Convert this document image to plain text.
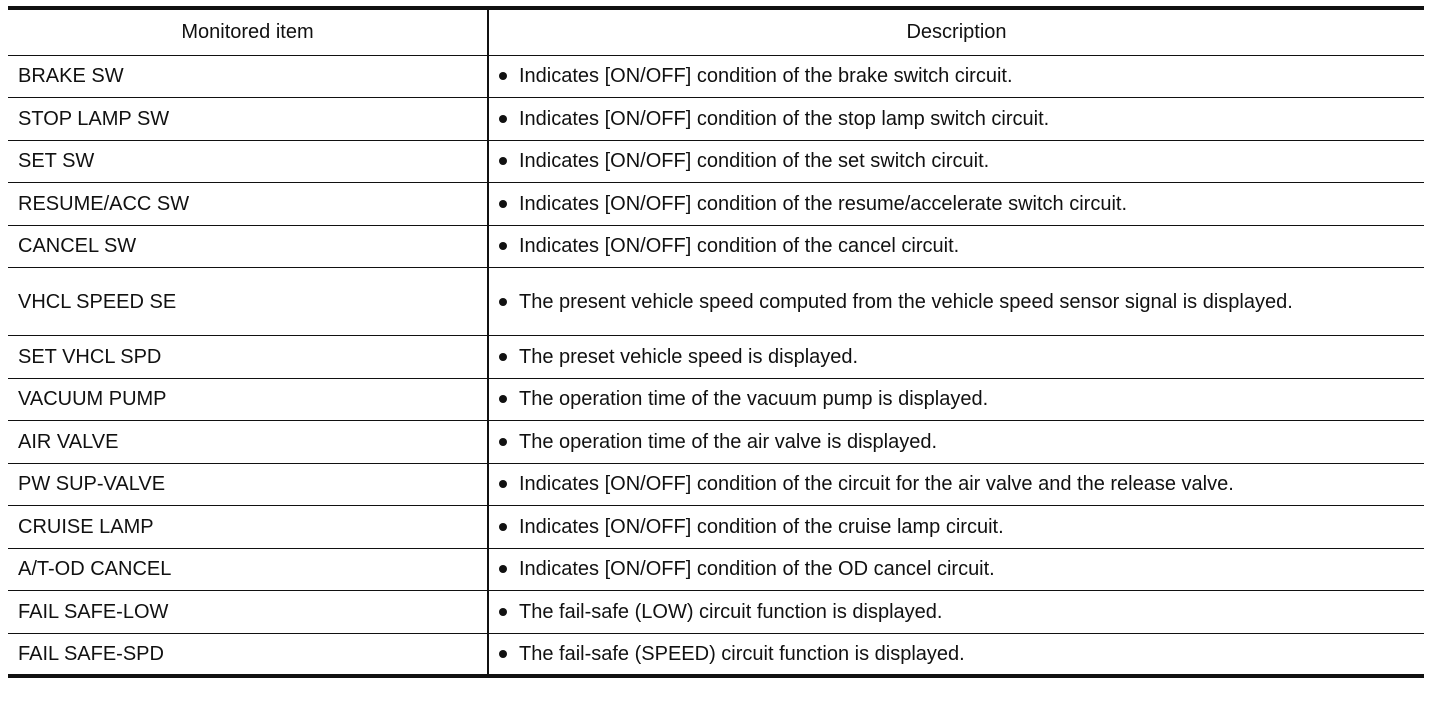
Monitored item	Description
BRAKE SW	Indicates [ON/OFF] condition of the brake switch circuit.

STOP LAMP SW	Indicates [ON/OFF] condition of the stop lamp switch circuit.

SET SW	Indicates [ON/OFF] condition of the set switch circuit.

RESUME/ACC SW	Indicates [ON/OFF] condition of the resume/accelerate switch circuit.

CANCEL SW	Indicates [ON/OFF] condition of the cancel circuit.

VHCL SPEED SE	The present vehicle speed computed from the vehicle speed sensor signal is displayed.

SET VHCL SPD	The preset vehicle speed is displayed.

VACUUM PUMP	The operation time of the vacuum pump is displayed.

AIR VALVE	The operation time of the air valve is displayed.

PW SUP-VALVE	Indicates [ON/OFF] condition of the circuit for the air valve and the release valve.

CRUISE LAMP	Indicates [ON/OFF] condition of the cruise lamp circuit.

A/T-OD CANCEL	Indicates [ON/OFF] condition of the OD cancel circuit.

FAIL SAFE-LOW	The fail-safe (LOW) circuit function is displayed.

FAIL SAFE-SPD	The fail-safe (SPEED) circuit function is displayed.
